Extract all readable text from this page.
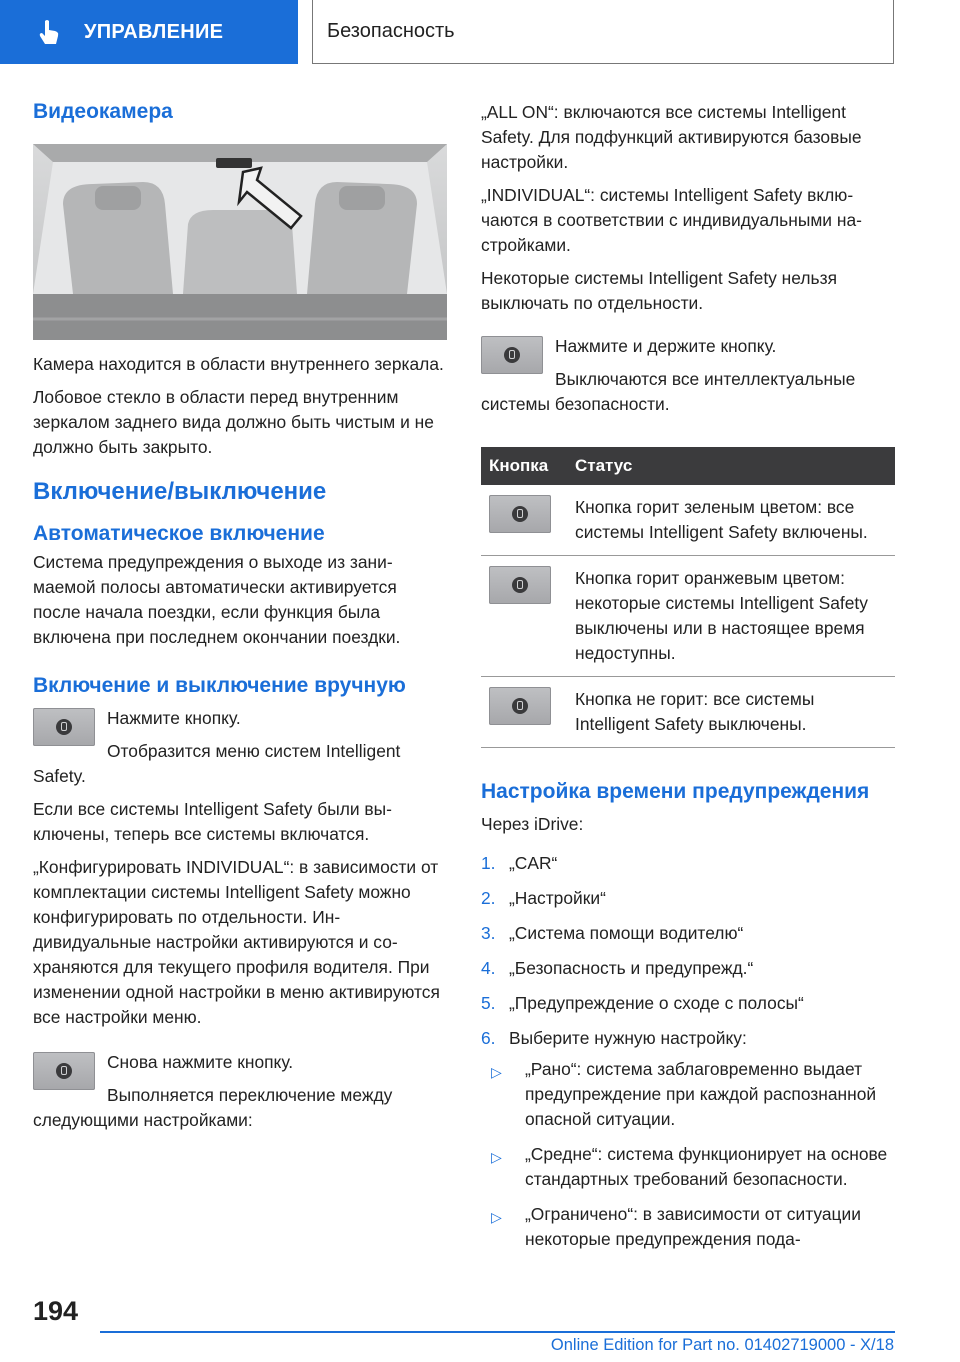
УПРАВЛЕНИЕ	Безопасность
Видеокамера

Камера находится в области внутреннего зеркала.

Лобовое стекло в области перед внутренним зеркалом заднего вида должно быть чистым и не должно быть закрыто.

Включение/выключение
Автоматическое включение

Система предупреждения о выходе из занимаемой полосы автоматически активируется после начала поездки, если функция была включена при последнем окончании поездки.

Включение и выключение вручную

Нажмите кнопку.

Отобразится меню систем Intelligent Safety.

Если все системы Intelligent Safety были выключены, теперь все системы включатся.

„Конфигурировать INDIVIDUAL“: в зависимости от комплектации системы Intelligent Safety можно конфигурировать по отдельности. Индивидуальные настройки активируются и сохраняются для текущего профиля водителя. При изменении одной настройки в меню активируются все настройки меню.

Снова нажмите кнопку.

Выполняется переключение между следующими настройками:

„ALL ON“: включаются все системы Intelligent Safety. Для подфункций активируются базовые настройки.

„INDIVIDUAL“: системы Intelligent Safety включаются в соответствии с индивидуальными настройками.

Некоторые системы Intelligent Safety нельзя выключать по отдельности.

Нажмите и держите кнопку.

Выключаются все интеллектуальные системы безопасности.

Кнопка	Статус

	Кнопка горит зеленым цветом: все системы Intelligent Safety включены.

	Кнопка горит оранжевым цветом: некоторые системы Intelligent Safety выключены или в настоящее время недоступны.

	Кнопка не горит: все системы Intelligent Safety выключены.
Настройка времени предупреждения

Через iDrive:

1. „CAR“
2. „Настройки“
3. „Система помощи водителю“
4. „Безопасность и предупрежд.“
5. „Предупреждение о сходе с полосы“
6. Выберите нужную настройку:
▷ „Рано“: система заблаговременно выдает предупреждение при каждой распознанной опасной ситуации.
▷ „Средне“: система функционирует на основе стандартных требований безопасности.
▷ „Ограничено“: в зависимости от ситуации некоторые предупреждения пода-
194
Online Edition for Part no. 01402719000 - X/18
